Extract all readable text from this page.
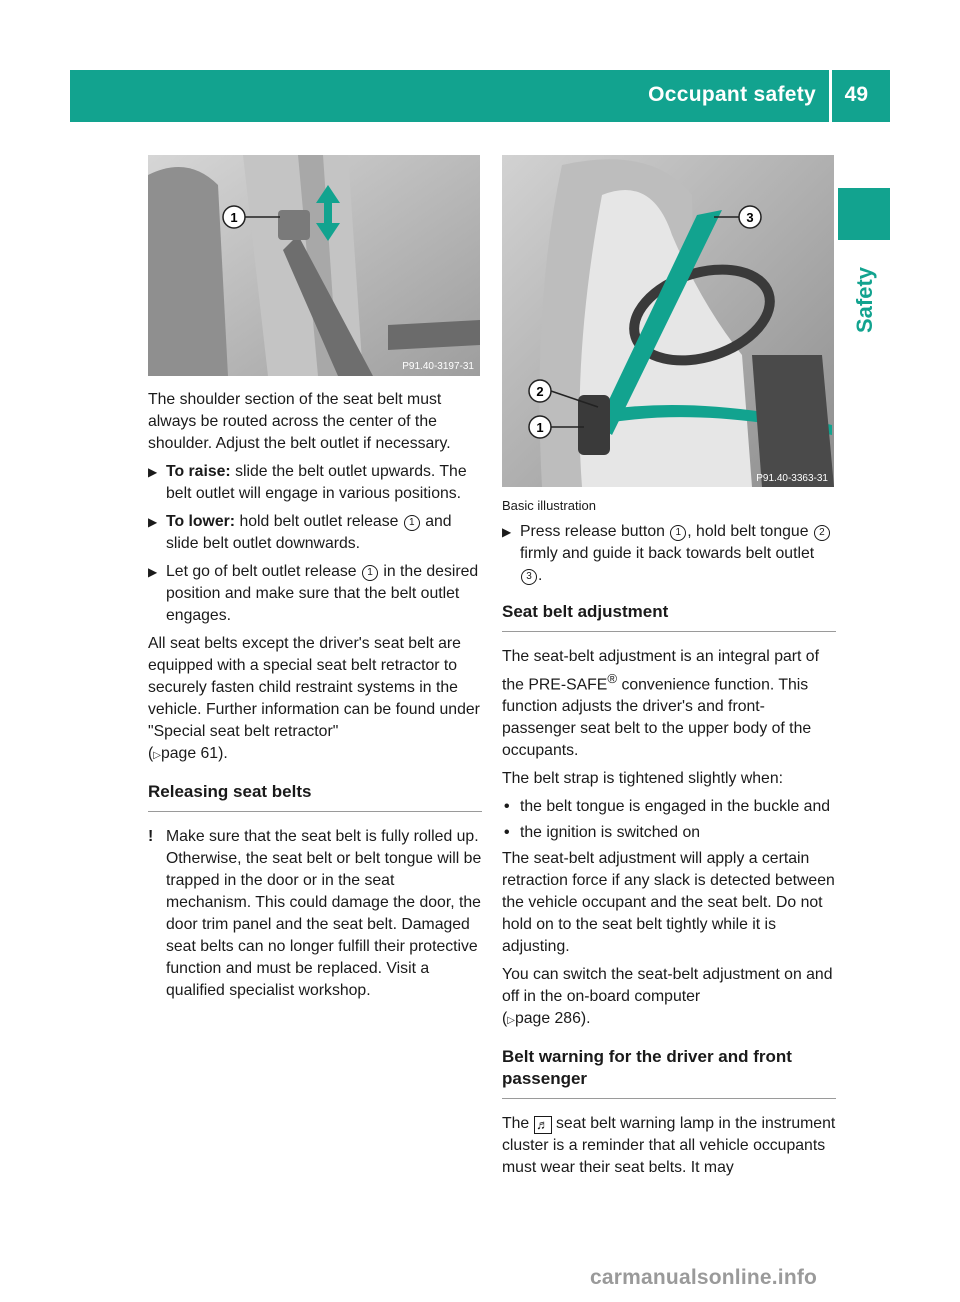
Occupant safety 49
Safety
1
P91.40-3197-31
3
2
1
P91.40-3363-31

The shoulder section of the seat belt must always be routed across the center of the shoulder. Adjust the belt outlet if necessary.

▶ To raise: slide the belt outlet upwards. The belt outlet will engage in various positions.
▶ To lower: hold belt outlet release 1 and slide belt outlet downwards.
▶ Let go of belt outlet release 1 in the desired position and make sure that the belt outlet engages.

All seat belts except the driver's seat belt are equipped with a special seat belt retractor to securely fasten child restraint systems in the vehicle. Further information can be found under "Special seat belt retractor"
(▷page 61).

Releasing seat belts
! Make sure that the seat belt is fully rolled up. Otherwise, the seat belt or belt tongue will be trapped in the door or in the seat mechanism. This could damage the door, the door trim panel and the seat belt. Damaged seat belts can no longer fulfill their protective function and must be replaced. Visit a qualified specialist workshop.
Basic illustration
▶ Press release button 1 , hold belt tongue 2 firmly and guide it back towards belt outlet 3 .
Seat belt adjustment

The seat-belt adjustment is an integral part of the PRE-SAFE® convenience function. This function adjusts the driver's and front-passenger seat belt to the upper body of the occupants.

The belt strap is tightened slightly when:

• the belt tongue is engaged in the buckle and
• the ignition is switched on

The seat-belt adjustment will apply a certain retraction force if any slack is detected between the vehicle occupant and the seat belt. Do not hold on to the seat belt tightly while it is adjusting.

You can switch the seat-belt adjustment on and off in the on-board computer
(▷page 286).

Belt warning for the driver and front passenger

The ♬ seat belt warning lamp in the instrument cluster is a reminder that all vehicle occupants must wear their seat belts. It may

carmanualsonline.info
